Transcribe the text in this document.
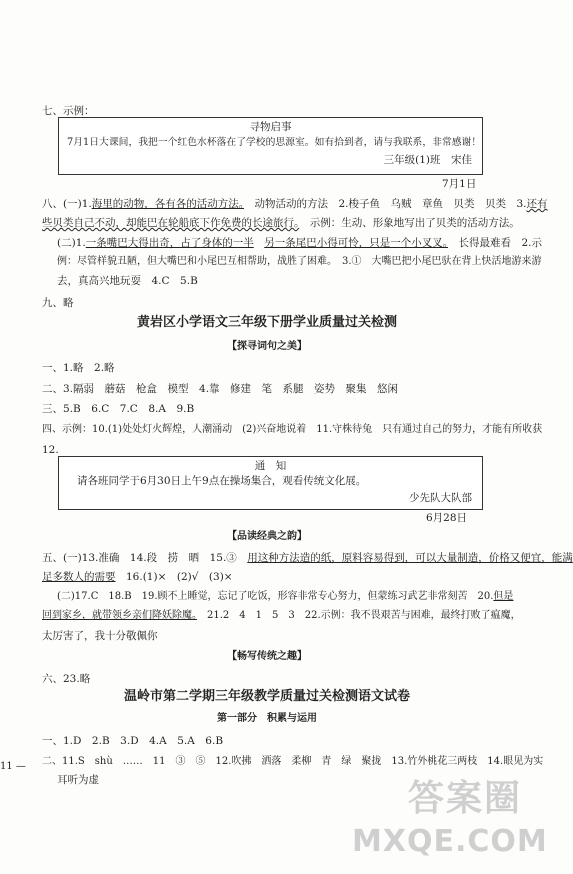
七、示例：
寻物启事
7月1日大课间，我把一个红色水杯落在了学校的思源室。如有拾到者，请与我联系，非常感谢！
三年级(1)班　宋佳
7月1日
八、(一)1.海里的动物，各有各的活动方法。　 动物活动的方法　2.梭子鱼　乌贼　章鱼　贝类　贝类　3.还有
些贝类自己不动，却能巴在轮船底下作免费的长途旅行。　 示例：生动、形象地写出了贝类的活动方法。
(二)1.一条嘴巴大得出奇，占了身体的一半　 另一条尾巴小得可怜，只是一个小叉叉。　 长得最难看　2.示
例：尽管样貌丑陋，但大嘴巴和小尾巴互相帮助，战胜了困难。　3.①　大嘴巴把小尾巴驮在背上快活地游来游
去，真高兴地玩耍　4.C　5.B
九、略
黄岩区小学语文三年级下册学业质量过关检测
【探寻词句之美】
一、1.略　2.略
二、3.隔弱　蘑菇　枪盒　模型　4.靠　修建　笔　系腿　姿势　聚集　悠闲
三、5.B　6.C　7.C　8.A　9.B
四、示例：10.(1)处处灯火辉煌，人潮涌动　(2)兴奋地说着　11.守株待兔　只有通过自己的努力，才能有所收获
12.
通　知
请各班同学于6月30日上午9点在操场集合，观看传统文化展。
少先队大队部
6月28日
【品读经典之韵】
五、(一)13.准确　14.段　捞　晒　15.③　 用这种方法造的纸，原料容易得到，可以大量制造，价格又便宜，能满
足多数人的需要　 16.(1)×　(2)√　(3)×
(二)17.C　18.B　19.顾不上睡觉，忘记了吃饭，形容非常专心努力，但蒙练习武艺非常刻苦　20.但是
回到家乡，就带领乡亲们降妖除魔。　 21.2　4　1　5　3　22.示例：我不畏艰苦与困难，最终打败了瘟魔，
太厉害了，我十分敬佩你
【畅写传统之趣】
六、23.略
温岭市第二学期三年级教学质量过关检测语文试卷
第一部分　积累与运用
一、1.D　2.B　3.D　4.A　5.A　6.B
二、11.S　shù　……　11　③　⑤　12.吹拂　洒落　柔柳　青　绿　聚拢　13.竹外桃花三两枝　14.眼见为实
耳听为虚
11 —
答案圈
MXQE.COM
